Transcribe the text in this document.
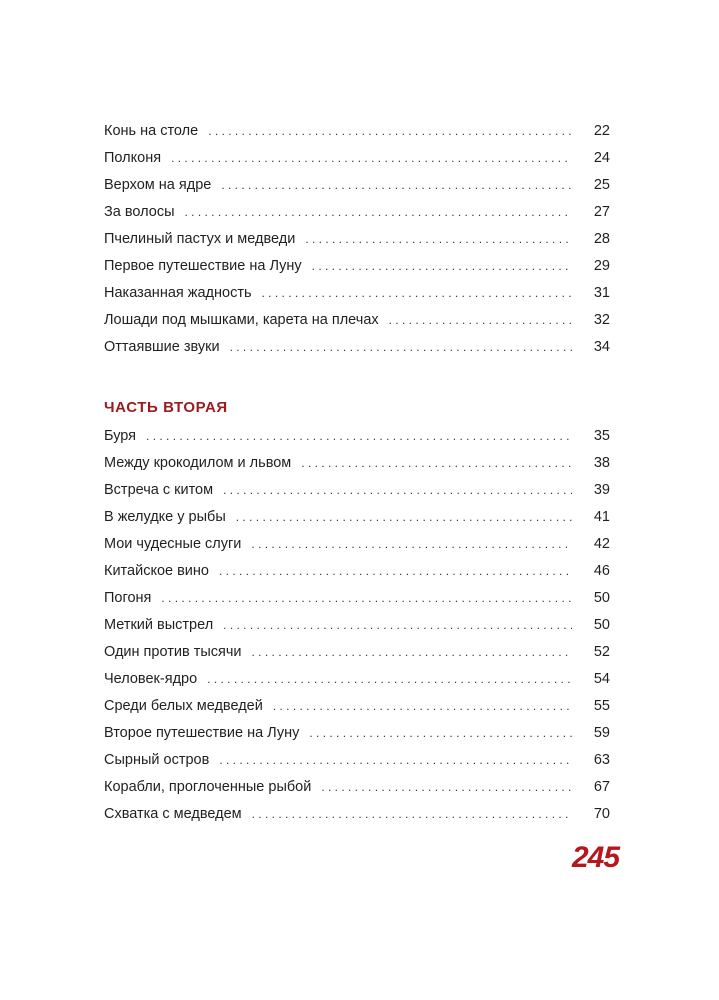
Конь на столе . . .	22
Полконя . . .	24
Верхом на ядре . . .	25
За волосы . . .	27
Пчелиный пастух и медведи . . .	28
Первое путешествие на Луну . . .	29
Наказанная жадность . . .	31
Лошади под мышками, карета на плечах . . .	32
Оттаявшие звуки . . .	34
ЧАСТЬ ВТОРАЯ
Буря . . .	35
Между крокодилом и львом . . .	38
Встреча с китом . . .	39
В желудке у рыбы . . .	41
Мои чудесные слуги . . .	42
Китайское вино . . .	46
Погоня . . .	50
Меткий выстрел . . .	50
Один против тысячи . . .	52
Человек-ядро . . .	54
Среди белых медведей . . .	55
Второе путешествие на Луну . . .	59
Сырный остров . . .	63
Корабли, проглоченные рыбой . . .	67
Схватка с медведем . . .	70
245
